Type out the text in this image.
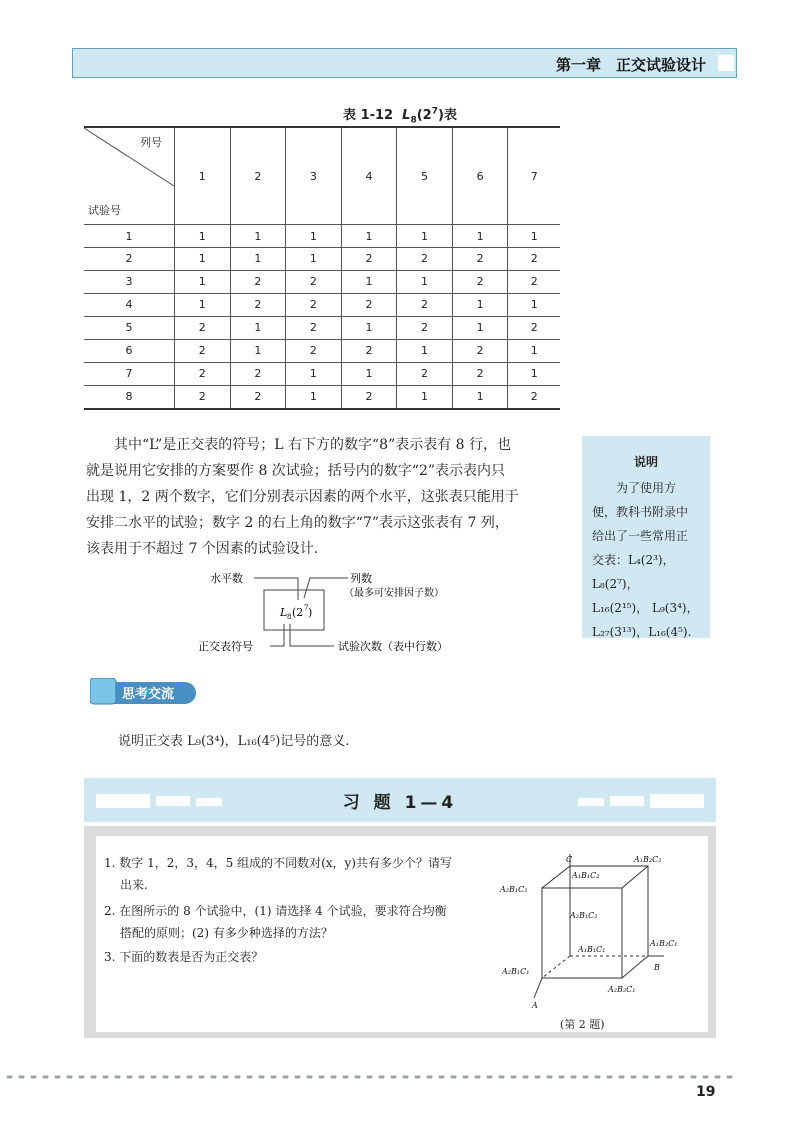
第一章　正交试验设计
表 1-12 $L_8(2^7)$表
列号
试验号	1	2	3	4	5	6	7
1	1	1	1	1	1	1	1
2	1	1	1	2	2	2	2
3	1	2	2	1	1	2	2
4	1	2	2	2	2	1	1
5	2	1	2	1	2	1	2
6	2	1	2	2	1	2	1
7	2	2	1	1	2	2	1
8	2	2	1	2	1	1	2
其中“L”是正交表的符号；L 右下方的数字“8”表示表有 8 行，也
就是说用它安排的方案要作 8 次试验；括号内的数字“2”表示表内只
出现 1，2 两个数字，它们分别表示因素的两个水平，这张表只能用于
安排二水平的试验；数字 2 的右上角的数字“7”表示这张表有 7 列，
该表用于不超过 7 个因素的试验设计.
说明
为了使用方
便，教科书附录中
给出了一些常用正
交表：L₄(2³)，L₈(2⁷)，
L₁₆(2¹⁵)， L₉(3⁴)，
L₂₇(3¹³)，L₁₆(4⁵).
L 8 (2 7 )
水平数	列数
（最多可安排因子数）
正交表符号	试验次数（表中行数）
思考交流
说明正交表 L₉(3⁴)，L₁₆(4⁵)记号的意义.
习 题 1—4
1. 数字 1，2，3，4，5 组成的不同数对(x，y)共有多少个？请写
出来.
2. 在图所示的 8 个试验中，(1) 请选择 4 个试验，要求符合均衡
搭配的原则；(2) 有多少种选择的方法？
3. 下面的数表是否为正交表？
C
A
B
A₁B₁C₂
A₁B₂C₂
A₂B₁C₂
A₂B₁C₂
A₁B₁C₁
A₁B₂C₁
A₂B₁C₁
A₂B₂C₁
(第 2 题)
19
